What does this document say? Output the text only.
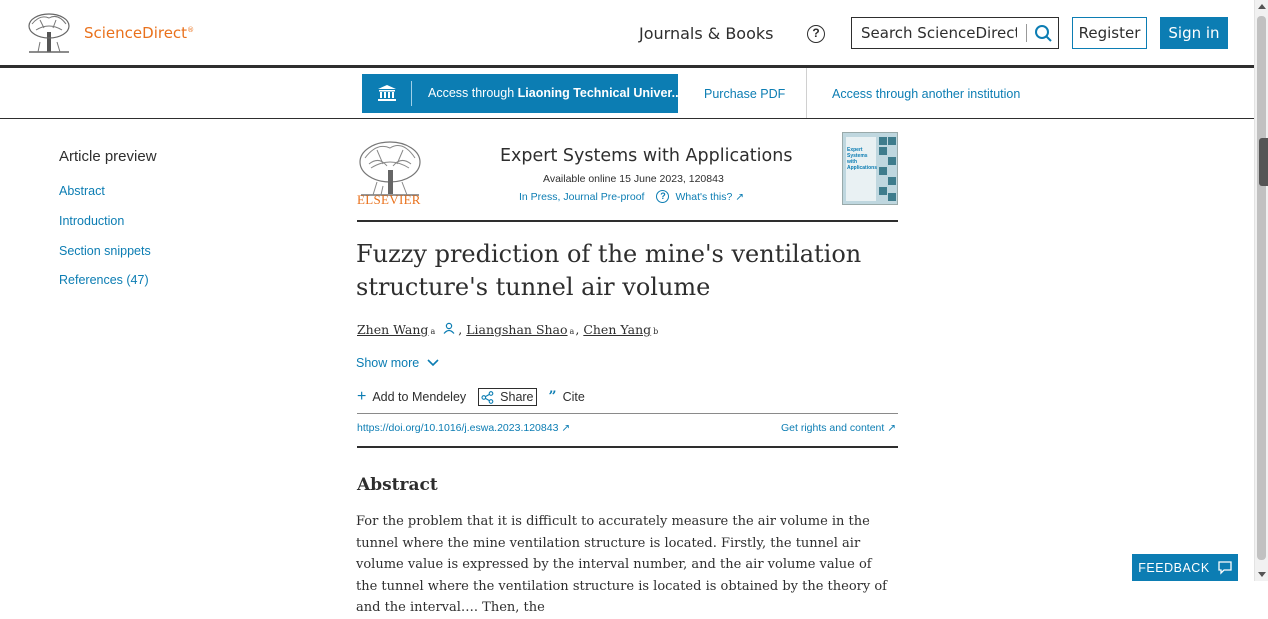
ScienceDirect®	Journals & Books	?
Search ScienceDirect	Register	Sign in
Access through Liaoning Technical Univer... Purchase PDF	Access through another institution
Article preview
Abstract
Introduction
Section snippets
References (47)
ELSEVIER
Expert Systems with Applications
Available online 15 June 2023, 120843
In Press, Journal Pre-proof	? What's this? ↗
Expert Systems with Applications
Fuzzy prediction of the mine's ventilation structure's tunnel air volume
Zhen Wang a , Liangshan Shao a , Chen Yang b
Show more
+ Add to Mendeley	Share ” Cite
https://doi.org/10.1016/j.eswa.2023.120843 ↗	Get rights and content ↗
Abstract

For the problem that it is difficult to accurately measure the air volume in the tunnel where the mine ventilation structure is located. Firstly, the tunnel air volume value is expressed by the interval number, and the air volume value of the tunnel where the ventilation structure is located is obtained by the theory of and the interval…. Then, the

FEEDBACK
